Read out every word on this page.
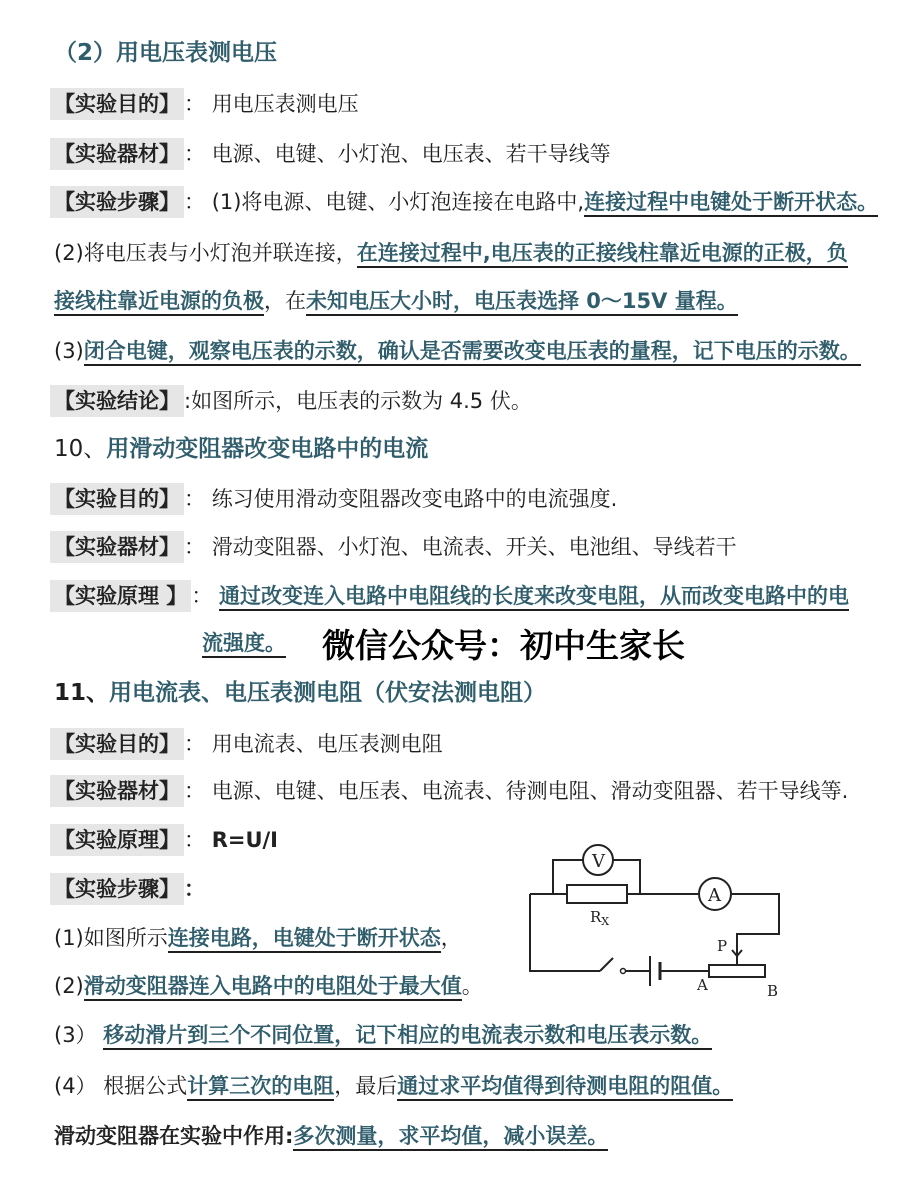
（2）用电压表测电压
【实验目的】 ： 用电压表测电压
【实验器材】 ： 电源、电键、小灯泡、电压表、若干导线等
【实验步骤】 ： (1)将电源、电键、小灯泡连接在电路中,连接过程中电键处于断开状态。
(2)将电压表与小灯泡并联连接，在连接过程中,电压表的正接线柱靠近电源的正极，负
接线柱靠近电源的负极，在未知电压大小时，电压表选择 0～15V 量程。
(3)闭合电键，观察电压表的示数，确认是否需要改变电压表的量程，记下电压的示数。
【实验结论】 :如图所示，电压表的示数为 4.5 伏。
10、用滑动变阻器改变电路中的电流
【实验目的】 ： 练习使用滑动变阻器改变电路中的电流强度.
【实验器材】 ： 滑动变阻器、小灯泡、电流表、开关、电池组、导线若干
【实验原理 】 ： 通过改变连入电路中电阻线的长度来改变电阻，从而改变电路中的电
流强度。	微信公众号：初中生家长
11、用电流表、电压表测电阻（伏安法测电阻）
【实验目的】 ： 用电流表、电压表测电阻
【实验器材】 ： 电源、电键、电压表、电流表、待测电阻、滑动变阻器、若干导线等.
【实验原理】 ： R=U/I
【实验步骤】 ：
(1)如图所示连接电路，电键处于断开状态，
(2)滑动变阻器连入电路中的电阻处于最大值。
(3） 移动滑片到三个不同位置，记下相应的电流表示数和电压表示数。
(4） 根据公式计算三次的电阻，最后通过求平均值得到待测电阻的阻值。
滑动变阻器在实验中作用:多次测量，求平均值，减小误差。
V
A
$R_X$
P
A	B
